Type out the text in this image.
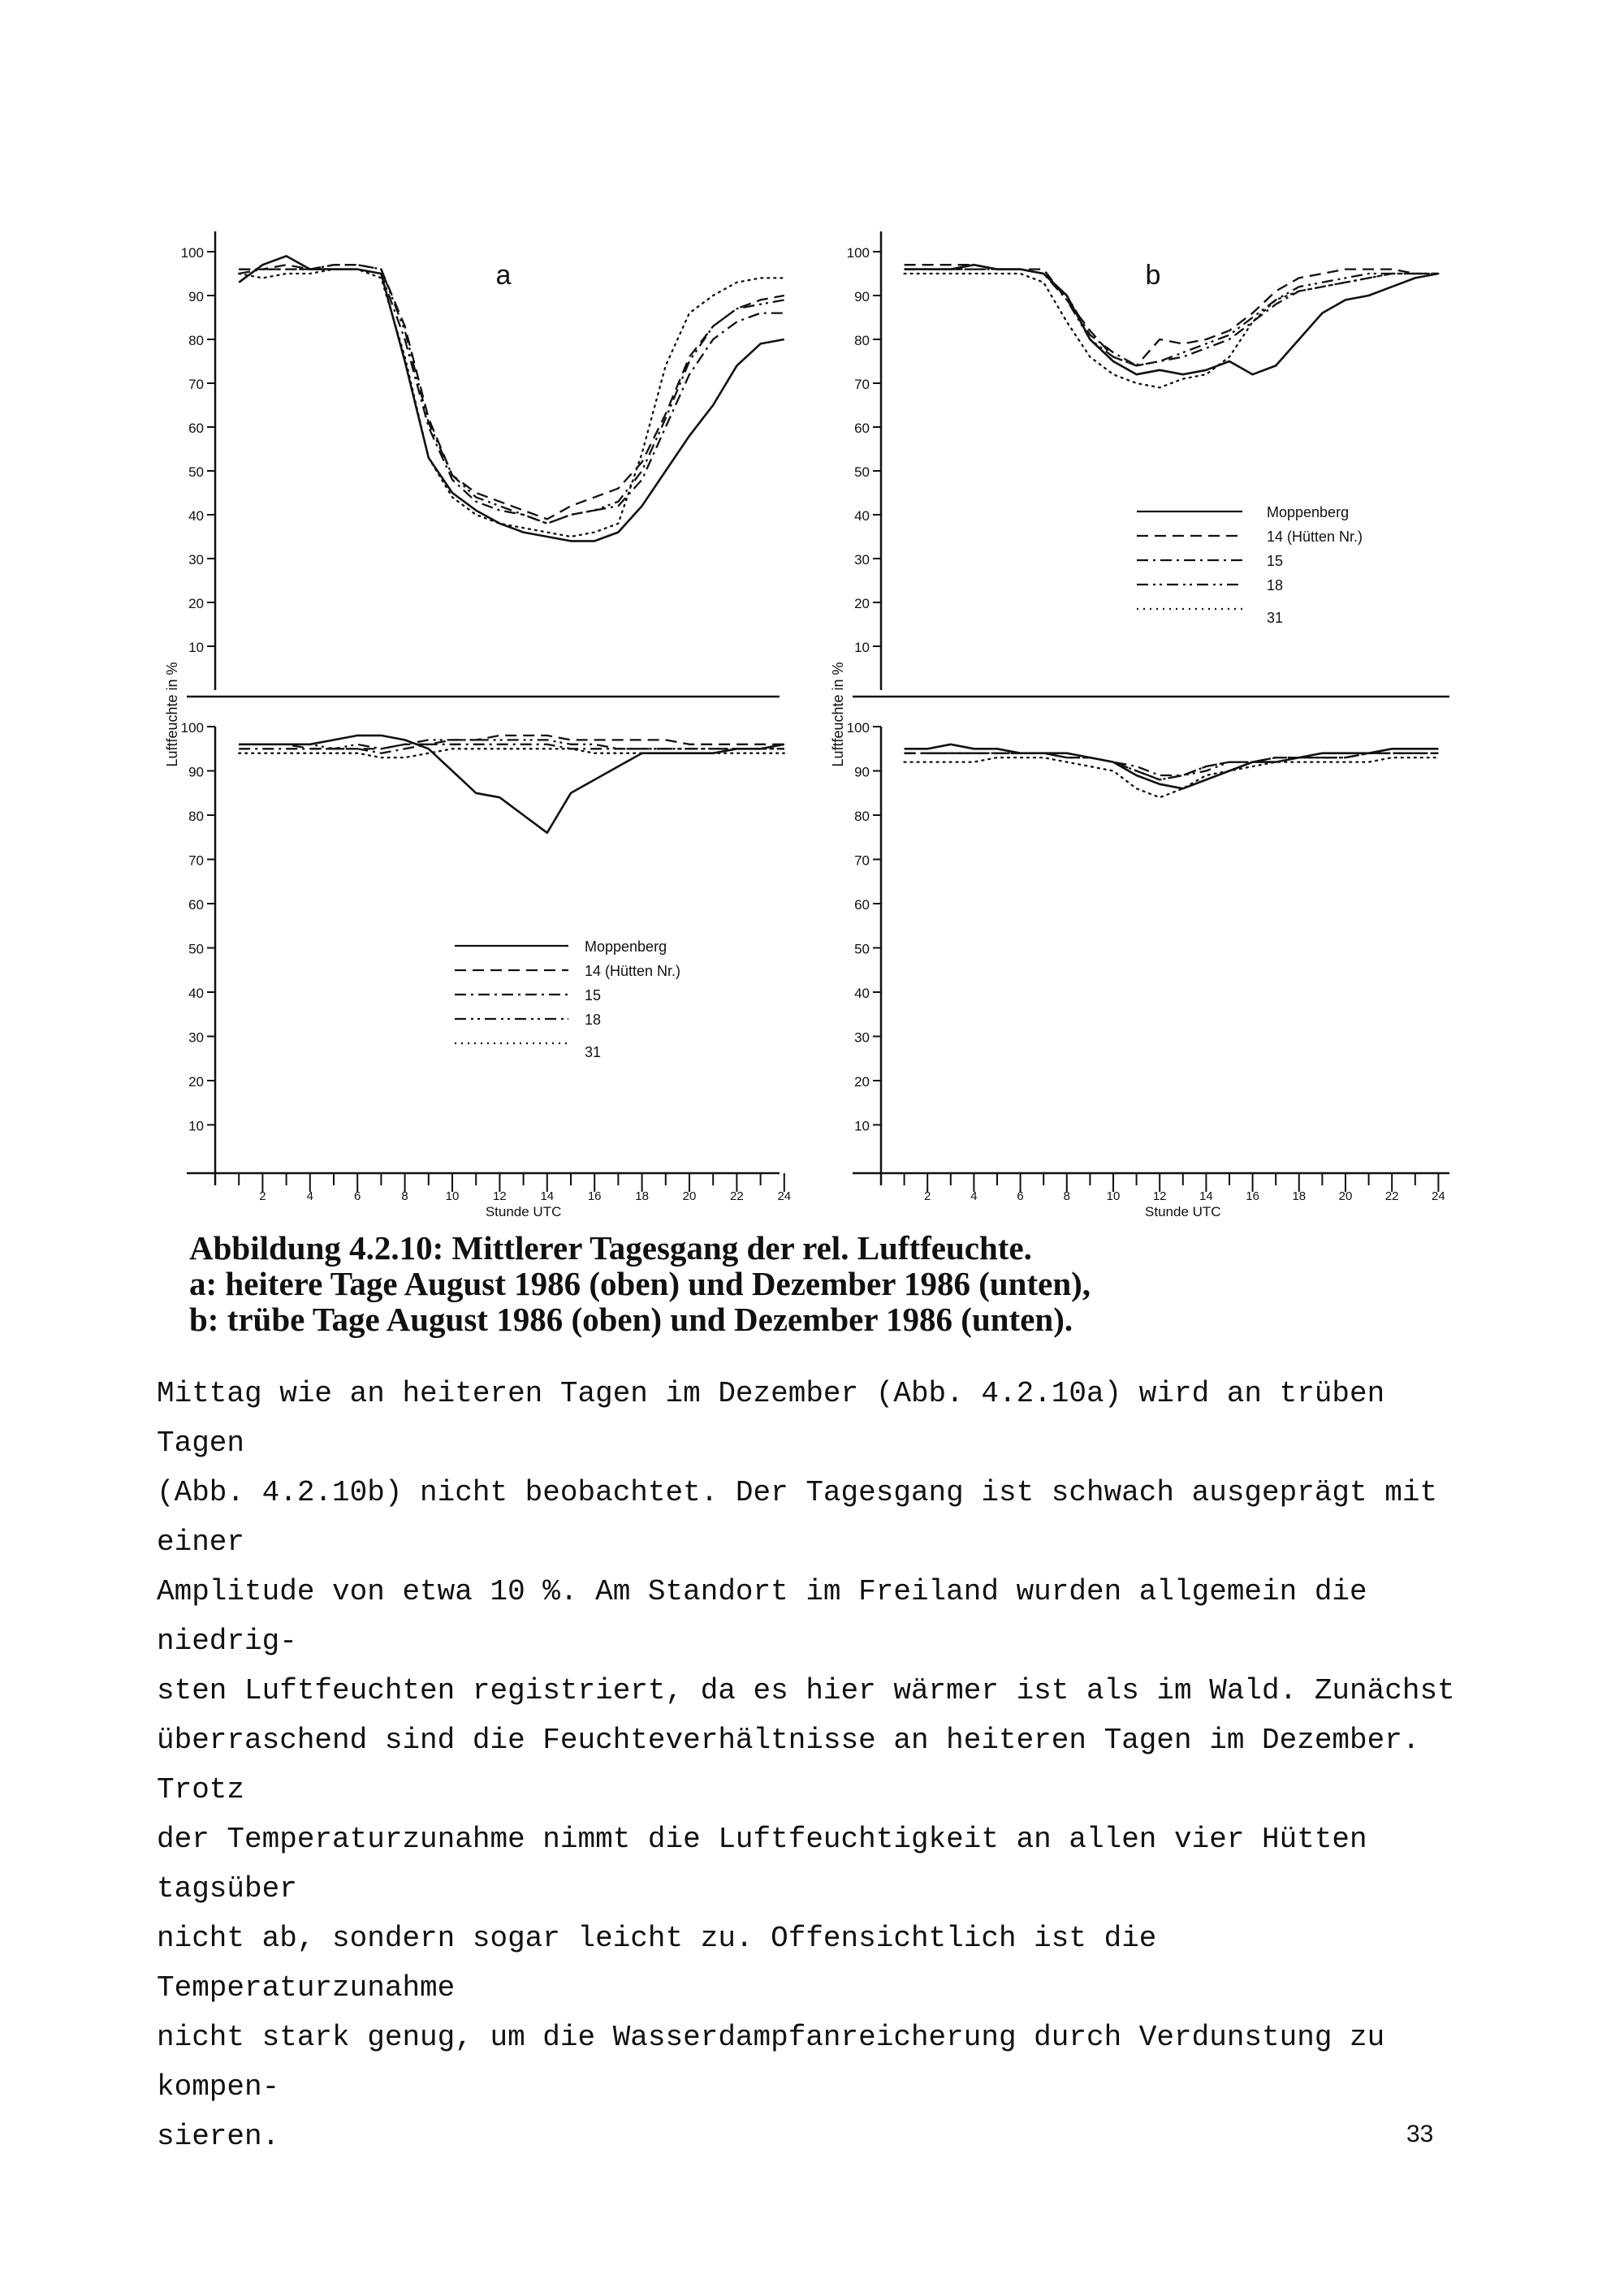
Moppenberg
14 (Hütten Nr.)
15
18
31
Moppenberg
14 (Hütten Nr.)
15
18
31
10
20
30
40
50
60
70
80
90
100
10
20
30
40
50
60
70
80
90
100
Luftfeuchte in %
2	4	6	8	10	12	14	16	18	20	22	24
Stunde UTC
a
10
20
30
40
50
60
70
80
90
100
10
20
30
40
50
60
70
80
90
100
Luftfeuchte in %
2	4	6	8	10	12	14	16	18	20	22	24
Stunde UTC
b
Abbildung 4.2.10: Mittlerer Tagesgang der rel. Luftfeuchte.
a: heitere Tage August 1986 (oben) und Dezember 1986 (unten),
b: trübe Tage August 1986 (oben) und Dezember 1986 (unten).

Mittag wie an heiteren Tagen im Dezember (Abb. 4.2.10a) wird an trüben Tagen

(Abb. 4.2.10b) nicht beobachtet. Der Tagesgang ist schwach ausgeprägt mit einer

Amplitude von etwa 10 %. Am Standort im Freiland wurden allgemein die niedrig-

sten Luftfeuchten registriert, da es hier wärmer ist als im Wald. Zunächst

überraschend sind die Feuchteverhältnisse an heiteren Tagen im Dezember. Trotz

der Temperaturzunahme nimmt die Luftfeuchtigkeit an allen vier Hütten tagsüber

nicht ab, sondern sogar leicht zu. Offensichtlich ist die Temperaturzunahme

nicht stark genug, um die Wasserdampfanreicherung durch Verdunstung zu kompen-

sieren.	33
